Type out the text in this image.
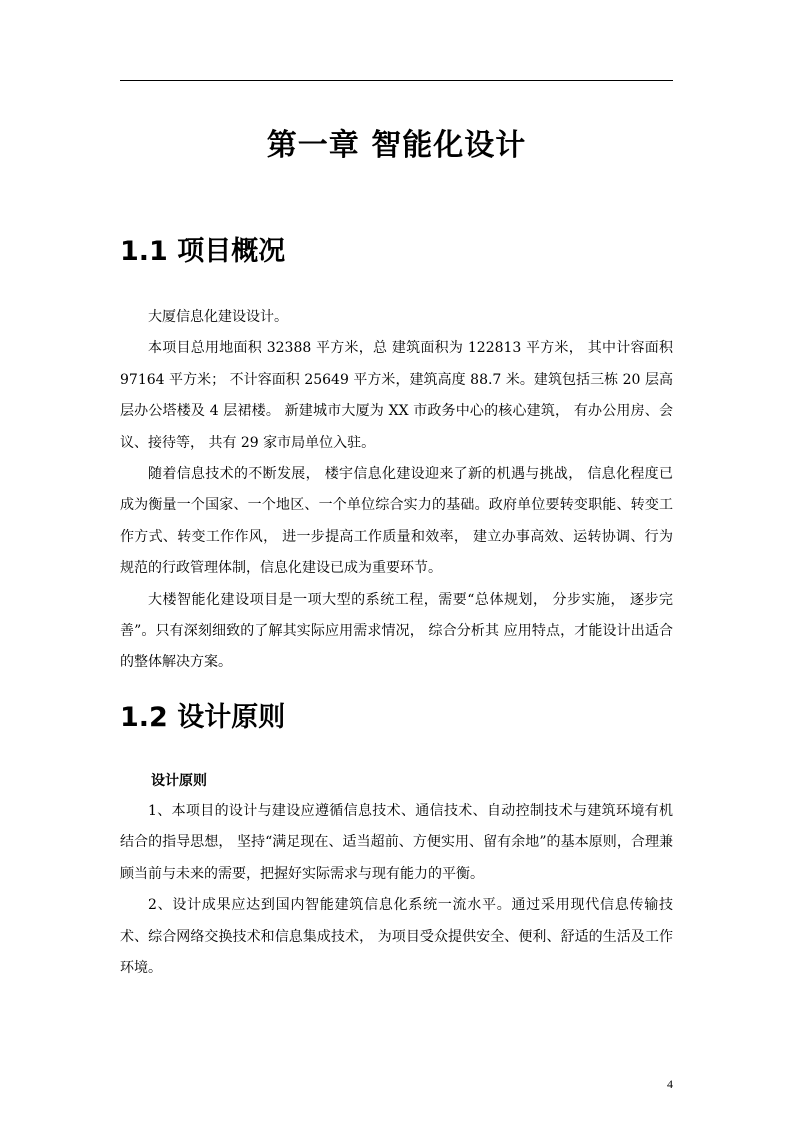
第一章 智能化设计
1.1 项目概况

大厦信息化建设设计。

本项目总用地面积 32388 平方米，总 建筑面积为 122813 平方米， 其中计容面积 97164 平方米； 不计容面积 25649 平方米，建筑高度 88.7 米。建筑包括三栋 20 层高层办公塔楼及 4 层裙楼。 新建城市大厦为 XX 市政务中心的核心建筑， 有办公用房、会议、接待等， 共有 29 家市局单位入驻。

随着信息技术的不断发展， 楼宇信息化建设迎来了新的机遇与挑战， 信息化程度已成为衡量一个国家、一个地区、一个单位综合实力的基础。政府单位要转变职能、转变工作方式、转变工作作风， 进一步提高工作质量和效率， 建立办事高效、运转协调、行为规范的行政管理体制，信息化建设已成为重要环节。

大楼智能化建设项目是一项大型的系统工程，需要“总体规划， 分步实施， 逐步完善”。只有深刻细致的了解其实际应用需求情况， 综合分析其 应用特点，才能设计出适合的整体解决方案。

1.2 设计原则
设计原则

1、本项目的设计与建设应遵循信息技术、通信技术、自动控制技术与建筑环境有机结合的指导思想， 坚持“满足现在、适当超前、方便实用、留有余地”的基本原则，合理兼顾当前与未来的需要，把握好实际需求与现有能力的平衡。

2、设计成果应达到国内智能建筑信息化系统一流水平。通过采用现代信息传输技术、综合网络交换技术和信息集成技术， 为项目受众提供安全、便利、舒适的生活及工作环境。

4
